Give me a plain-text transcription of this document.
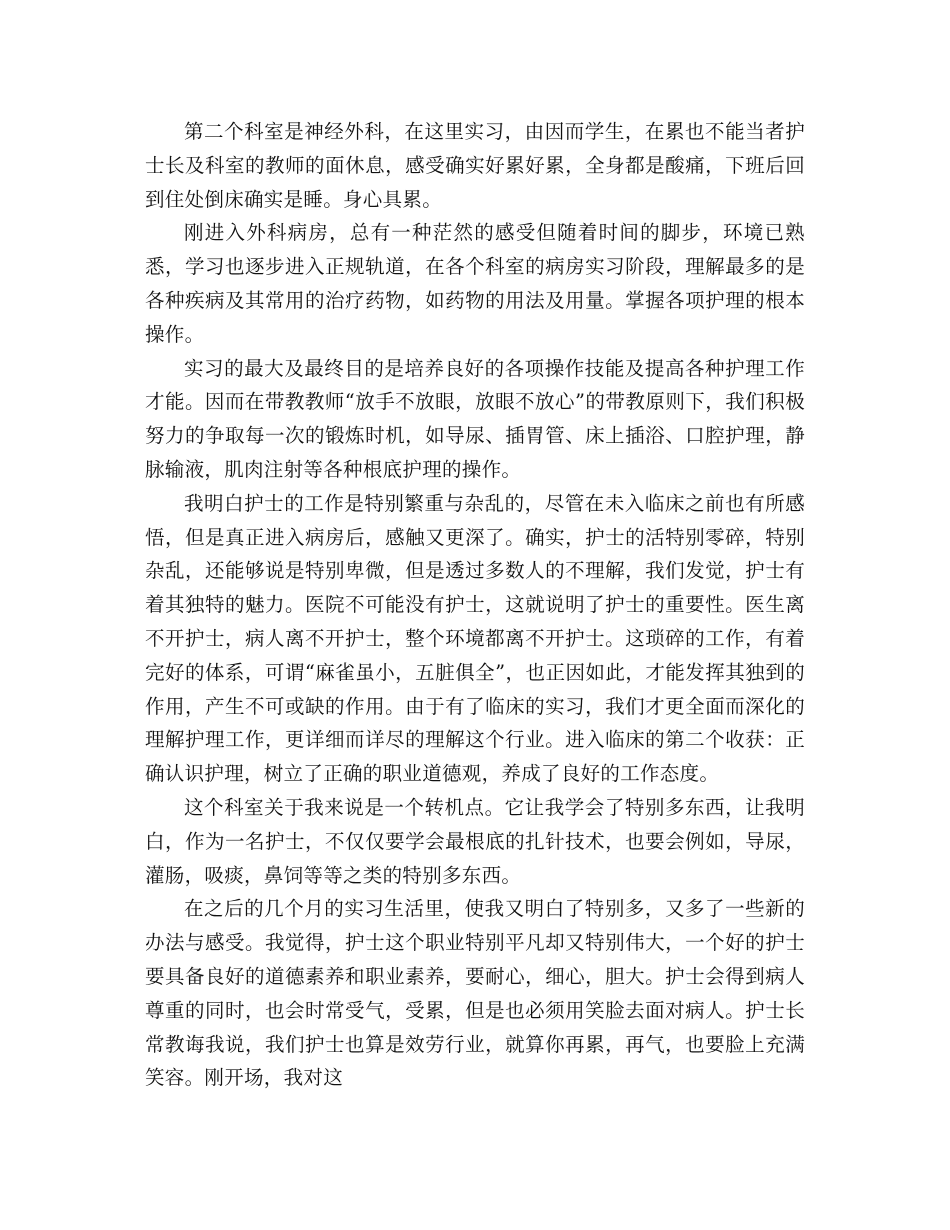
第二个科室是神经外科，在这里实习，由因而学生，在累也不能当者护士长及科室的教师的面休息，感受确实好累好累，全身都是酸痛，下班后回到住处倒床确实是睡。身心具累。

刚进入外科病房，总有一种茫然的感受但随着时间的脚步，环境已熟悉，学习也逐步进入正规轨道，在各个科室的病房实习阶段，理解最多的是各种疾病及其常用的治疗药物，如药物的用法及用量。掌握各项护理的根本操作。

实习的最大及最终目的是培养良好的各项操作技能及提高各种护理工作才能。因而在带教教师“放手不放眼，放眼不放心”的带教原则下，我们积极努力的争取每一次的锻炼时机，如导尿、插胃管、床上插浴、口腔护理，静脉输液，肌肉注射等各种根底护理的操作。

我明白护士的工作是特别繁重与杂乱的，尽管在未入临床之前也有所感悟，但是真正进入病房后，感触又更深了。确实，护士的活特别零碎，特别杂乱，还能够说是特别卑微，但是透过多数人的不理解，我们发觉，护士有着其独特的魅力。医院不可能没有护士，这就说明了护士的重要性。医生离不开护士，病人离不开护士，整个环境都离不开护士。这琐碎的工作，有着完好的体系，可谓“麻雀虽小，五脏俱全”，也正因如此，才能发挥其独到的作用，产生不可或缺的作用。由于有了临床的实习，我们才更全面而深化的理解护理工作，更详细而详尽的理解这个行业。进入临床的第二个收获：正确认识护理，树立了正确的职业道德观，养成了良好的工作态度。

这个科室关于我来说是一个转机点。它让我学会了特别多东西，让我明白，作为一名护士，不仅仅要学会最根底的扎针技术，也要会例如，导尿，灌肠，吸痰，鼻饲等等之类的特别多东西。

在之后的几个月的实习生活里，使我又明白了特别多，又多了一些新的办法与感受。我觉得，护士这个职业特别平凡却又特别伟大，一个好的护士要具备良好的道德素养和职业素养，要耐心，细心，胆大。护士会得到病人尊重的同时，也会时常受气，受累，但是也必须用笑脸去面对病人。护士长常教诲我说，我们护士也算是效劳行业，就算你再累，再气，也要脸上充满笑容。刚开场，我对这
